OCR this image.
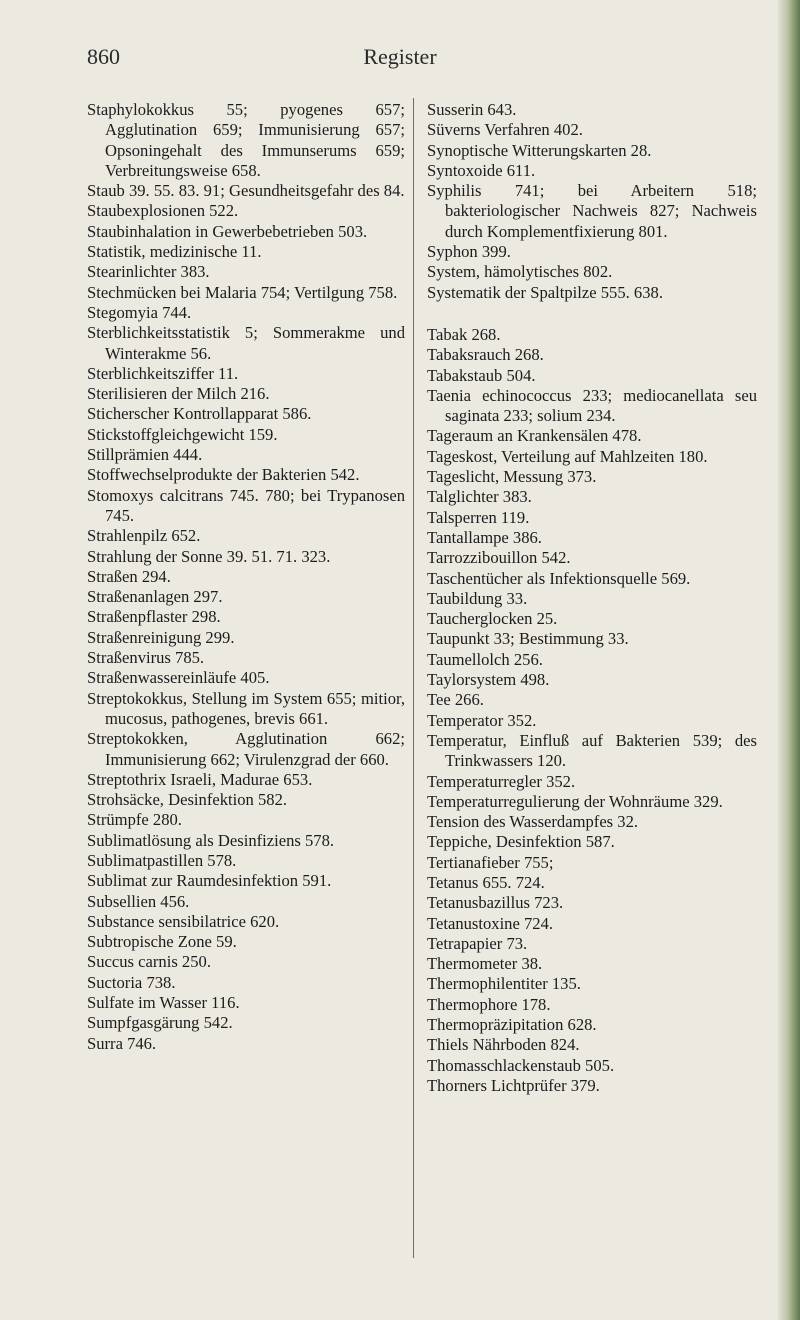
860	Register

Staphylokokkus 55; pyogenes 657; Agglutination 659; Immunisierung 657; Opsoningehalt des Immunserums 659; Verbreitungsweise 658.

Staub 39. 55. 83. 91; Gesundheitsgefahr des 84.

Staubexplosionen 522.

Staubinhalation in Gewerbebetrieben 503.

Statistik, medizinische 11.

Stearinlichter 383.

Stechmücken bei Malaria 754; Vertilgung 758.

Stegomyia 744.

Sterblichkeitsstatistik 5; Sommerakme und Winterakme 56.

Sterblichkeitsziffer 11.

Sterilisieren der Milch 216.

Sticherscher Kontrollapparat 586.

Stickstoffgleichgewicht 159.

Stillprämien 444.

Stoffwechselprodukte der Bakterien 542.

Stomoxys calcitrans 745. 780; bei Trypanosen 745.

Strahlenpilz 652.

Strahlung der Sonne 39. 51. 71. 323.

Straßen 294.

Straßenanlagen 297.

Straßenpflaster 298.

Straßenreinigung 299.

Straßenvirus 785.

Straßenwassereinläufe 405.

Streptokokkus, Stellung im System 655; mitior, mucosus, pathogenes, brevis 661.

Streptokokken, Agglutination 662; Immunisierung 662; Virulenzgrad der 660.

Streptothrix Israeli, Madurae 653.

Strohsäcke, Desinfektion 582.

Strümpfe 280.

Sublimatlösung als Desinfiziens 578.

Sublimatpastillen 578.

Sublimat zur Raumdesinfektion 591.

Subsellien 456.

Substance sensibilatrice 620.

Subtropische Zone 59.

Succus carnis 250.

Suctoria 738.

Sulfate im Wasser 116.

Sumpfgasgärung 542.

Surra 746.

Susserin 643.

Süverns Verfahren 402.

Synoptische Witterungskarten 28.

Syntoxoide 611.

Syphilis 741; bei Arbeitern 518; bakteriologischer Nachweis 827; Nachweis durch Komplementfixierung 801.

Syphon 399.

System, hämolytisches 802.

Systematik der Spaltpilze 555. 638.

Tabak 268.

Tabaksrauch 268.

Tabakstaub 504.

Taenia echinococcus 233; mediocanellata seu saginata 233; solium 234.

Tageraum an Krankensälen 478.

Tageskost, Verteilung auf Mahlzeiten 180.

Tageslicht, Messung 373.

Talglichter 383.

Talsperren 119.

Tantallampe 386.

Tarrozzibouillon 542.

Taschentücher als Infektionsquelle 569.

Taubildung 33.

Taucherglocken 25.

Taupunkt 33; Bestimmung 33.

Taumellolch 256.

Taylorsystem 498.

Tee 266.

Temperator 352.

Temperatur, Einfluß auf Bakterien 539; des Trinkwassers 120.

Temperaturregler 352.

Temperaturregulierung der Wohnräume 329.

Tension des Wasserdampfes 32.

Teppiche, Desinfektion 587.

Tertianafieber 755;

Tetanus 655. 724.

Tetanusbazillus 723.

Tetanustoxine 724.

Tetrapapier 73.

Thermometer 38.

Thermophilentiter 135.

Thermophore 178.

Thermopräzipitation 628.

Thiels Nährboden 824.

Thomasschlackenstaub 505.

Thorners Lichtprüfer 379.
